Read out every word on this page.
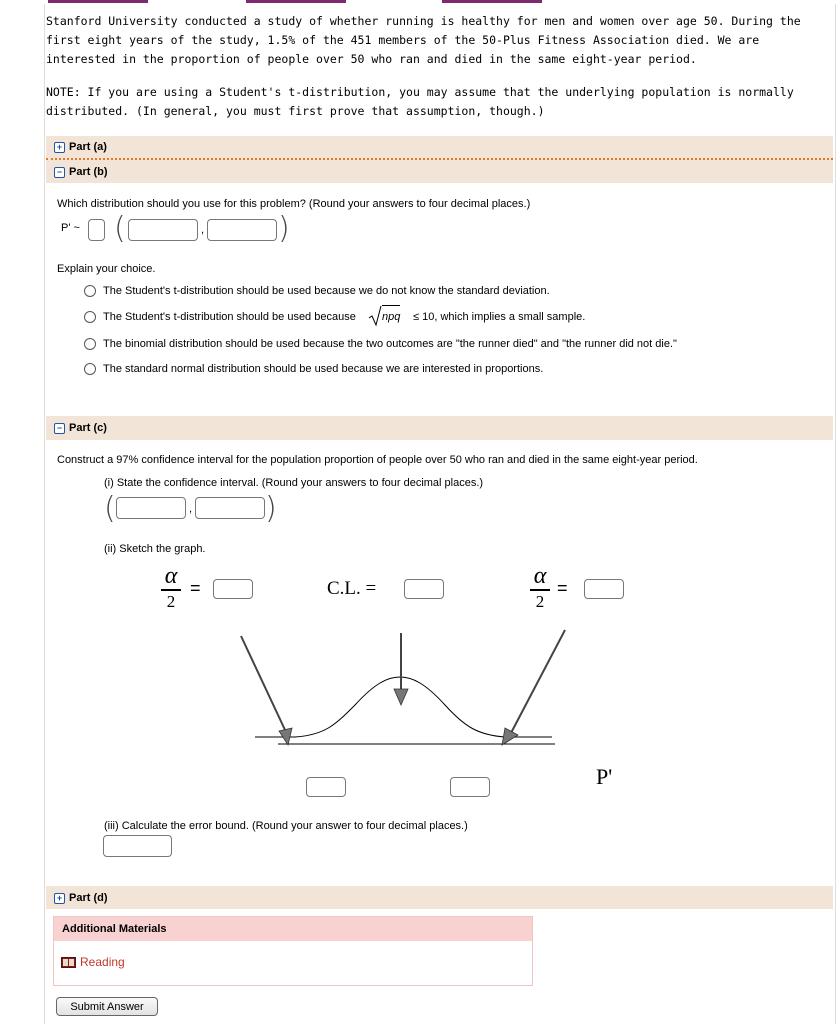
Stanford University conducted a study of whether running is healthy for men and women over age 50. During the first eight years of the study, 1.5% of the 451 members of the 50-Plus Fitness Association died. We are interested in the proportion of people over 50 who ran and died in the same eight-year period.
NOTE: If you are using a Student's t-distribution, you may assume that the underlying population is normally distributed. (In general, you must first prove that assumption, though.)
+ Part (a)
− Part (b)
Which distribution should you use for this problem? (Round your answers to four decimal places.)
P' ~ (	, )
Explain your choice.
The Student's t-distribution should be used because we do not know the standard deviation.
The Student's t-distribution should be used because npq ≤ 10, which implies a small sample.
The binomial distribution should be used because the two outcomes are "the runner died" and "the runner did not die."
The standard normal distribution should be used because we are interested in proportions.
− Part (c)
Construct a 97% confidence interval for the population proportion of people over 50 who ran and died in the same eight-year period.
(i) State the confidence interval. (Round your answers to four decimal places.)
(	, )
(ii) Sketch the graph.
α
2
=	C.L. =	α
2
=
P'
(iii) Calculate the error bound. (Round your answer to four decimal places.)
+ Part (d)
Additional Materials
Reading
Submit Answer
